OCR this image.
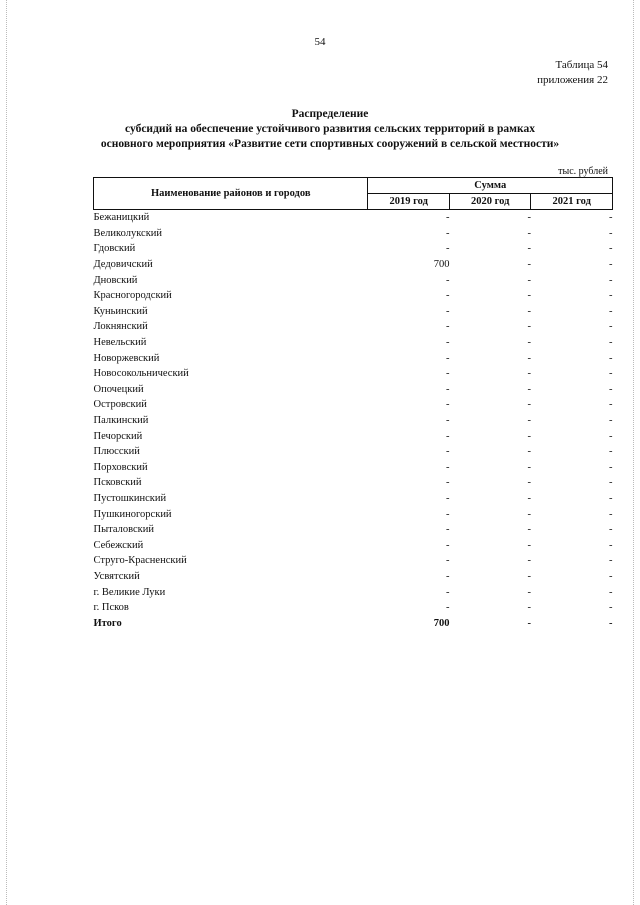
54
Таблица 54
приложения 22
Распределение
субсидий на обеспечение устойчивого развития сельских территорий в рамках
основного мероприятия «Развитие сети спортивных сооружений в сельской местности»
тыс. рублей
Наименование районов и городов	Сумма		
	2019 год	2020 год	2021 год
Бежаницкий	-	-	-
Великолукский	-	-	-
Гдовский	-	-	-
Дедовичский	700	-	-
Дновский	-	-	-
Красногородский	-	-	-
Куньинский	-	-	-
Локнянский	-	-	-
Невельский	-	-	-
Новоржевский	-	-	-
Новосокольнический	-	-	-
Опочецкий	-	-	-
Островский	-	-	-
Палкинский	-	-	-
Печорский	-	-	-
Плюсский	-	-	-
Порховский	-	-	-
Псковский	-	-	-
Пустошкинский	-	-	-
Пушкиногорский	-	-	-
Пыталовский	-	-	-
Себежский	-	-	-
Струго-Красненский	-	-	-
Усвятский	-	-	-
г. Великие Луки	-	-	-
г. Псков	-	-	-
Итого	700	-	-
